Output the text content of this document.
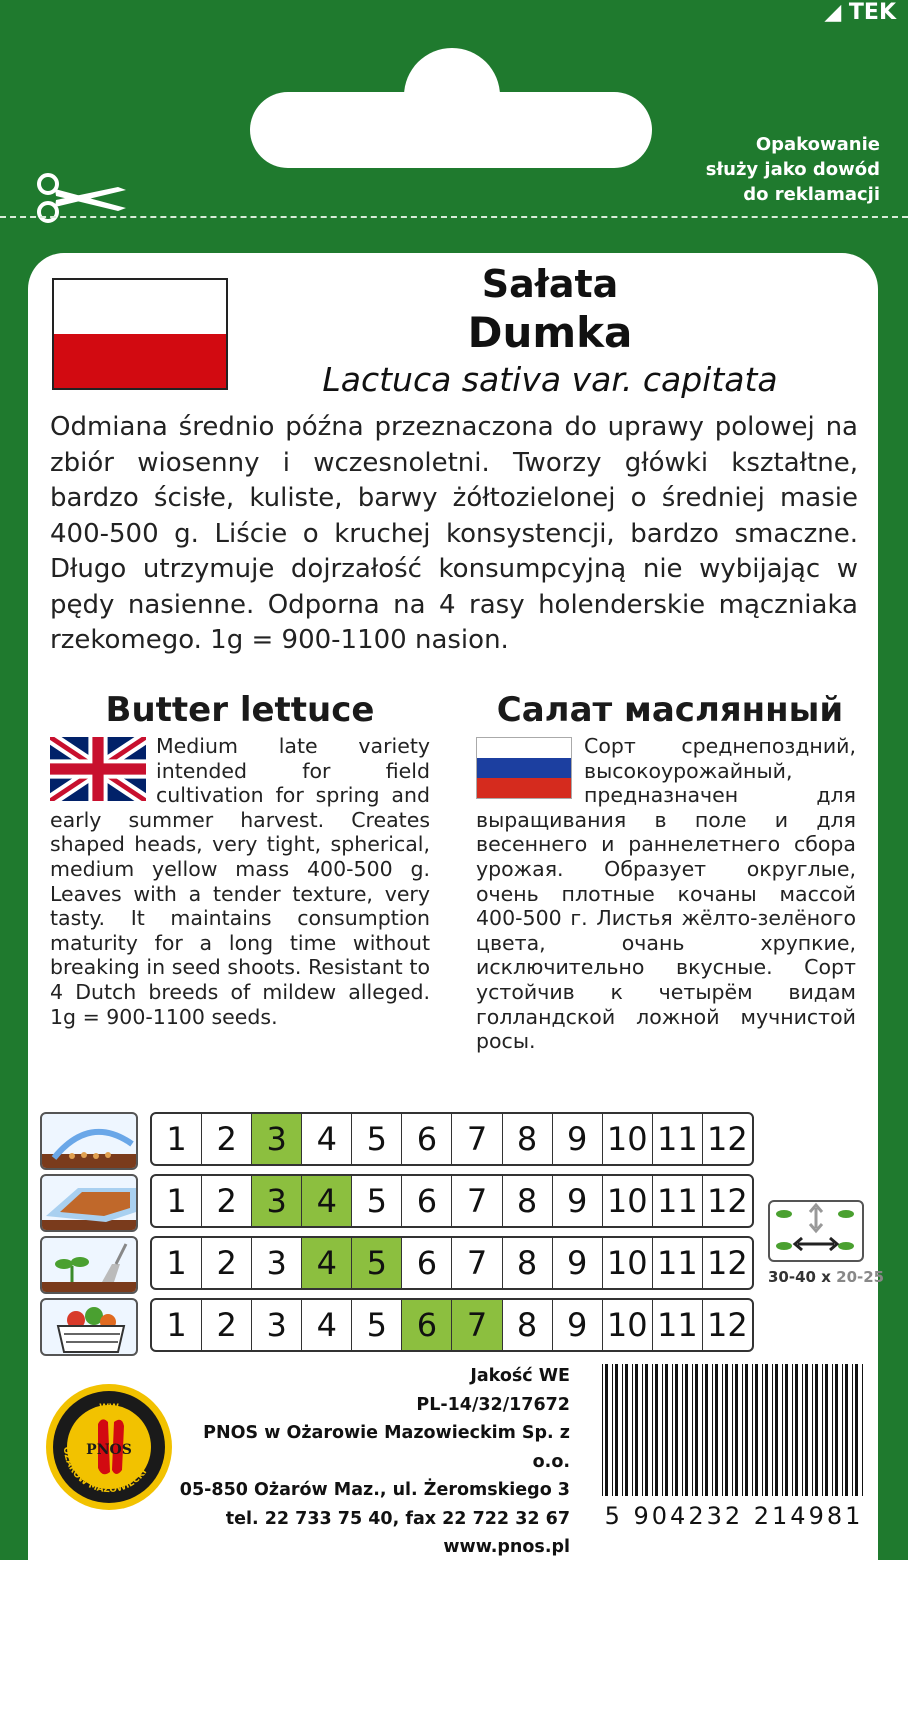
◢ TEK
Opakowanie
służy jako dowód
do reklamacji
Sałata
Dumka
Lactuca sativa var. capitata
Odmiana średnio późna przeznaczona do uprawy polowej na zbiór wiosenny i wczesnoletni. Tworzy główki kształtne, bardzo ścisłe, kuliste, barwy żółtozielonej o średniej masie 400-500 g. Liście o kruchej konsystencji, bardzo smaczne. Długo utrzymuje dojrzałość konsumpcyjną nie wybijając w pędy nasienne. Odporna na 4 rasy holenderskie mączniaka rzekomego. 1g = 900-1100 nasion.
Butter lettuce	Салат маслянный
Medium late variety intended for field cultivation for spring and early summer harvest. Creates shaped heads, very tight, spherical, medium yellow mass 400-500 g. Leaves with a tender texture, very tasty. It maintains consumption maturity for a long time without breaking in seed shoots. Resistant to 4 Dutch breeds of mildew alleged. 1g = 900-1100 seeds.
Сорт среднепоздний, высокоурожайный, предназначен для выращивания в поле и для весеннего и раннелетнего сбора урожая. Образует округлые, очень плотные кочаны массой 400-500 г. Листья жёлто-зелёного цвета, очань хрупкие, исключительно вкусные. Сорт устойчив к четырём видам голландской ложной мучнистой росы.
1 2 3 4 5 6 7 8 9 10 11 12
1 2 3 4 5 6 7 8 9 10 11 12
1 2 3 4 5 6 7 8 9 10 11 12
1 2 3 4 5 6 7 8 9 10 11 12
30-40 x 20-25
OŻARÓW MAZOWIECKI
WW
PNOS
Jakość WE
PL-14/32/17672
PNOS w Ożarowie Mazowieckim Sp. z o.o.
05-850 Ożarów Maz., ul. Żeromskiego 3
tel. 22 733 75 40, fax 22 722 32 67
www.pnos.pl
5 904232 214981
